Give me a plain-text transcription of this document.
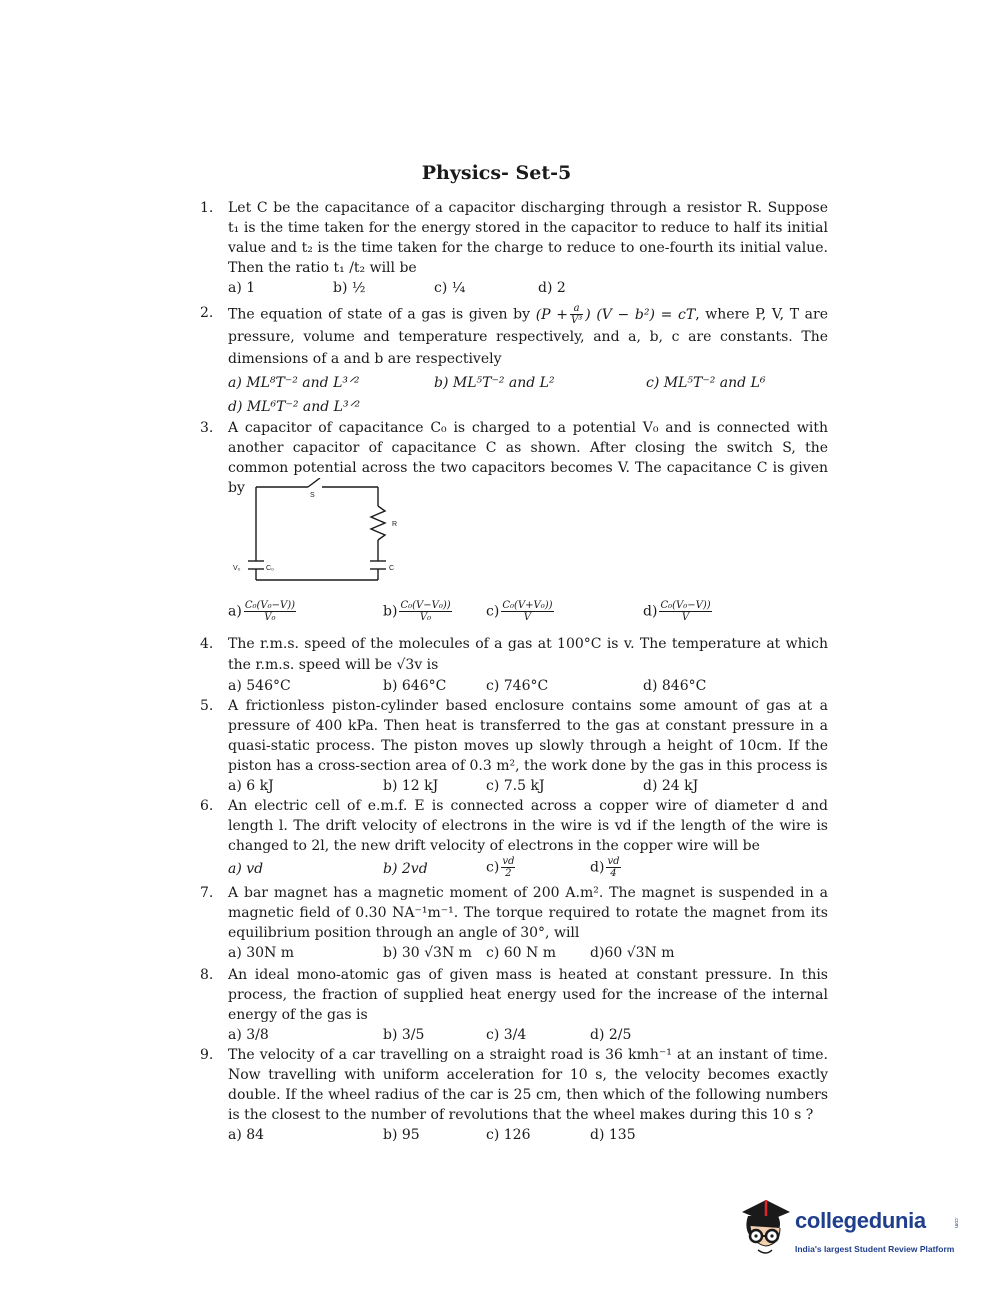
Physics- Set-5
1. Let C be the capacitance of a capacitor discharging through a resistor R. Suppose t₁ is the time taken for the energy stored in the capacitor to reduce to half its initial value and t₂ is the time taken for the charge to reduce to one-fourth its initial value. Then the ratio t₁ /t₂ will be
a) 1	b) ½	c) ¼	d) 2
2. The equation of state of a gas is given by ($P + \frac{a}{\text{V³}}$ ) (V − b²) = cT, where P, V, T are pressure, volume and temperature respectively, and a, b, c are constants. The dimensions of a and b are respectively
a) ML⁸T⁻² and L³ᐟ²	b) ML⁵T⁻² and L²	c) ML⁵T⁻² and L⁶
d) ML⁶T⁻² and L³ᐟ²
3. A capacitor of capacitance C₀ is charged to a potential V₀ and is connected with another capacitor of capacitance C as shown. After closing the switch S, the common potential across the two capacitors becomes V. The capacitance C is given by	S
R
C₀	C
V₀
$a) \frac{\text{C₀(V₀−V))}}{\text{V₀}}$	$b) \frac{\text{C₀(V−V₀))}}{\text{V₀}} c) \frac{\text{C₀(V+V₀))}}{V}$	$d) \frac{\text{C₀(V₀−V))}}{V}$
4. The r.m.s. speed of the molecules of a gas at 100°C is v. The temperature at which the r.m.s. speed will be √3v is
a) 546°C	b) 646°C	c) 746°C	d) 846°C
5. A frictionless piston-cylinder based enclosure contains some amount of gas at a pressure of 400 kPa. Then heat is transferred to the gas at constant pressure in a quasi-static process. The piston moves up slowly through a height of 10cm. If the piston has a cross-section area of 0.3 m², the work done by the gas in this process is
a) 6 kJ	b) 12 kJ	c) 7.5 kJ	d) 24 kJ
6. An electric cell of e.m.f. E is connected across a copper wire of diameter d and length l. The drift velocity of electrons in the wire is vd if the length of the wire is changed to 2l, the new drift velocity of electrons in the copper wire will be
a) vd	b) 2vd	$c) \frac{vd}{2}$	$d) \frac{vd}{4}$
7. A bar magnet has a magnetic moment of 200 A.m². The magnet is suspended in a magnetic field of 0.30 NA⁻¹m⁻¹. The torque required to rotate the magnet from its equilibrium position through an angle of 30°, will
a) 30N m	b) 30 √3N m c) 60 N m d)60 √3N m
8. An ideal mono-atomic gas of given mass is heated at constant pressure. In this process, the fraction of supplied heat energy used for the increase of the internal energy of the gas is
a) 3/8	b) 3/5	c) 3/4	d) 2/5
9. The velocity of a car travelling on a straight road is 36 kmh⁻¹ at an instant of time. Now travelling with uniform acceleration for 10 s, the velocity becomes exactly double. If the wheel radius of the car is 25 cm, then which of the following numbers is the closest to the number of revolutions that the wheel makes during this 10 s ?
a) 84	b) 95	c) 126	d) 135
collegedunia	.com
India's largest Student Review Platform
